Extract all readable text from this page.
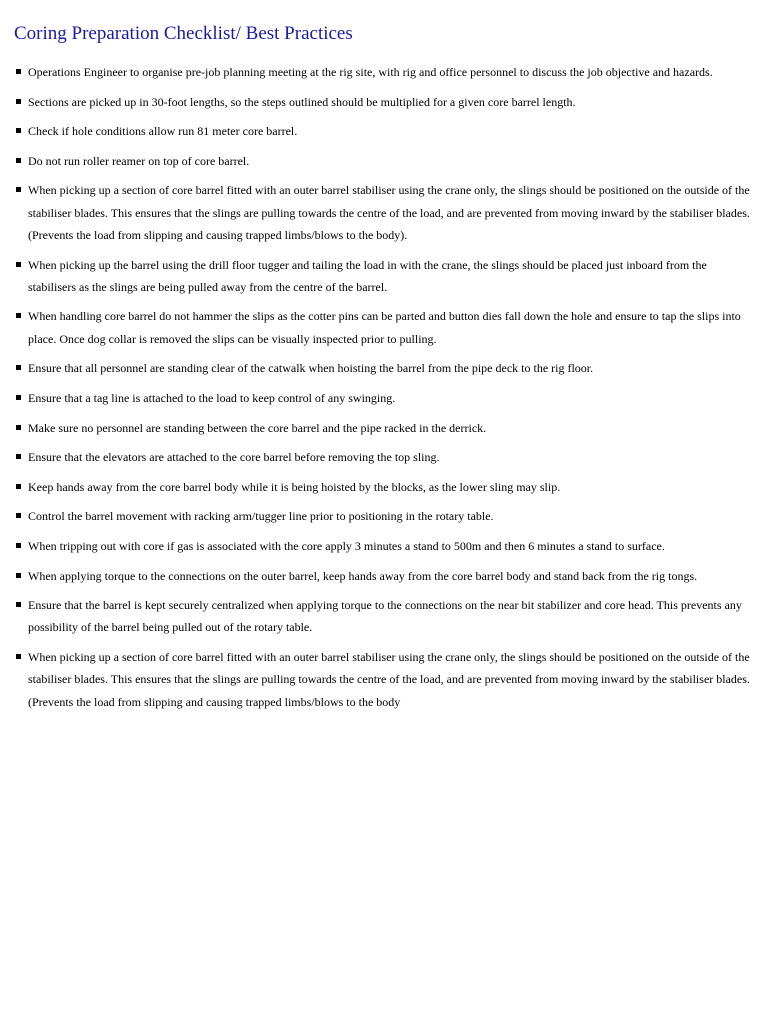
Coring Preparation Checklist/ Best Practices
Operations Engineer to organise pre-job planning meeting at the rig site, with rig and office personnel to discuss the job objective and hazards.
Sections are picked up in 30-foot lengths, so the steps outlined should be multiplied for a given core barrel length.
Check if hole conditions allow run 81 meter core barrel.
Do not run roller reamer on top of core barrel.
When picking up a section of core barrel fitted with an outer barrel stabiliser using the crane only, the slings should be positioned on the outside of the stabiliser blades. This ensures that the slings are pulling towards the centre of the load, and are prevented from moving inward by the stabiliser blades. (Prevents the load from slipping and causing trapped limbs/blows to the body).
When picking up the barrel using the drill floor tugger and tailing the load in with the crane, the slings should be placed just inboard from the stabilisers as the slings are being pulled away from the centre of the barrel.
When handling core barrel do not hammer the slips as the cotter pins can be parted and button dies fall down the hole and ensure to tap the slips into place. Once dog collar is removed the slips can be visually inspected prior to pulling.
Ensure that all personnel are standing clear of the catwalk when hoisting the barrel from the pipe deck to the rig floor.
Ensure that a tag line is attached to the load to keep control of any swinging.
Make sure no personnel are standing between the core barrel and the pipe racked in the derrick.
Ensure that the elevators are attached to the core barrel before removing the top sling.
Keep hands away from the core barrel body while it is being hoisted by the blocks, as the lower sling may slip.
Control the barrel movement with racking arm/tugger line prior to positioning in the rotary table.
When tripping out with core if gas is associated with the core apply 3 minutes a stand to 500m and then 6 minutes a stand to surface.
When applying torque to the connections on the outer barrel, keep hands away from the core barrel body and stand back from the rig tongs.
Ensure that the barrel is kept securely centralized when applying torque to the connections on the near bit stabilizer and core head. This prevents any possibility of the barrel being pulled out of the rotary table.
When picking up a section of core barrel fitted with an outer barrel stabiliser using the crane only, the slings should be positioned on the outside of the stabiliser blades. This ensures that the slings are pulling towards the centre of the load, and are prevented from moving inward by the stabiliser blades. (Prevents the load from slipping and causing trapped limbs/blows to the body
